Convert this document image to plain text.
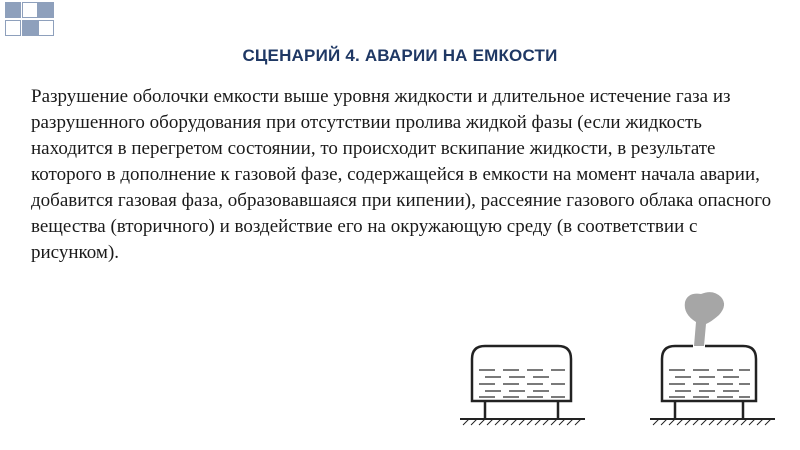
СЦЕНАРИЙ 4. АВАРИИ НА ЕМКОСТИ

Разрушение оболочки емкости выше уровня жидкости и длительное истечение газа из разрушенного оборудования при отсутствии пролива жидкой фазы (если жидкость находится в перегретом состоянии, то происходит вскипание жидкости, в результате которого в дополнение к газовой фазе, содержащейся в емкости на момент начала аварии, добавится газовая фаза, образовавшаяся при кипении), рассеяние газового облака опасного вещества (вторичного) и воздействие его на окружающую среду (в соответствии с рисунком).
